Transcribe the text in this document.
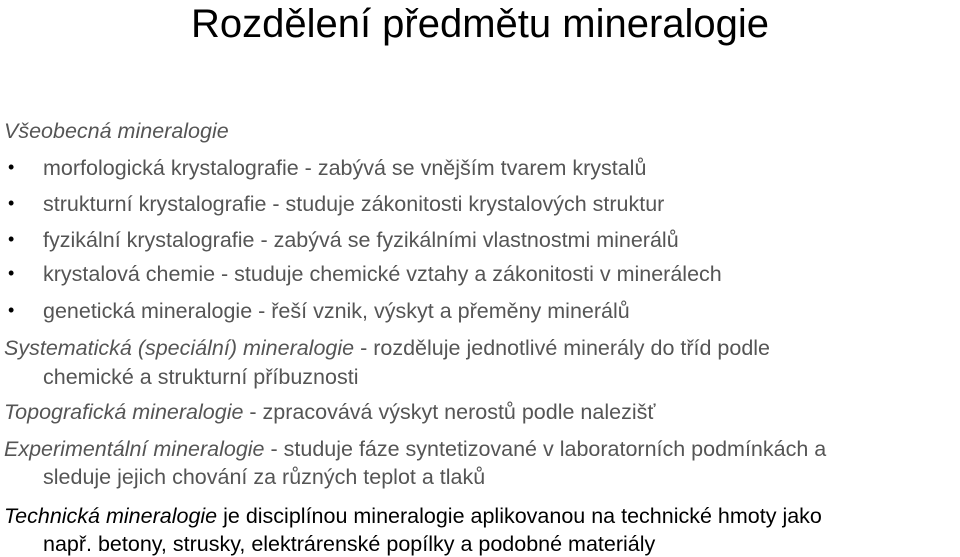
Rozdělení předmětu mineralogie
Všeobecná mineralogie
• morfologická krystalografie - zabývá se vnějším tvarem krystalů
• strukturní krystalografie - studuje zákonitosti krystalových struktur
• fyzikální krystalografie - zabývá se fyzikálními vlastnostmi minerálů
• krystalová chemie - studuje chemické vztahy a zákonitosti v minerálech
• genetická mineralogie - řeší vznik, výskyt a přeměny minerálů
Systematická (speciální) mineralogie - rozděluje jednotlivé minerály do tříd podle
chemické a strukturní příbuznosti
Topografická mineralogie - zpracovává výskyt nerostů podle nalezišť
Experimentální mineralogie - studuje fáze syntetizované v laboratorních podmínkách a
sleduje jejich chování za různých teplot a tlaků
Technická mineralogie je disciplínou mineralogie aplikovanou na technické hmoty jako
např. betony, strusky, elektrárenské popílky a podobné materiály
